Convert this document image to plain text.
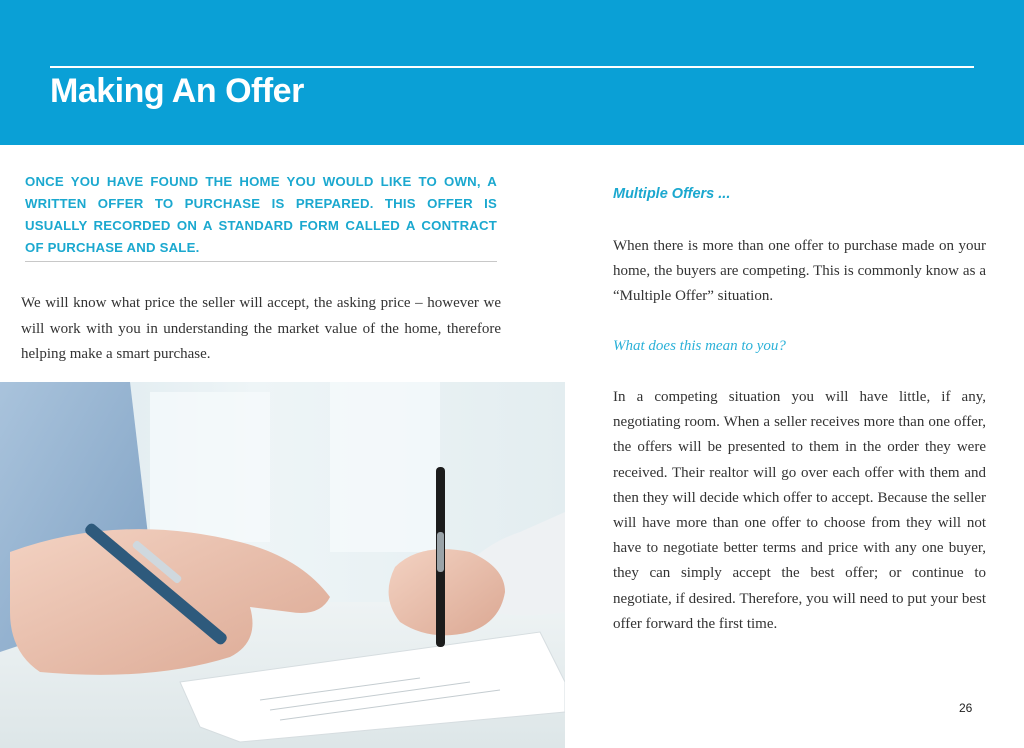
Making An Offer
ONCE YOU HAVE FOUND THE HOME YOU WOULD LIKE TO OWN, A WRITTEN OFFER TO PURCHASE IS PREPARED. THIS OFFER IS USUALLY RECORDED ON A STANDARD FORM CALLED A CONTRACT OF PURCHASE AND SALE.

We will know what price the seller will accept, the asking price – however we will work with you in understanding the market value of the home, therefore helping make a smart purchase.

Multiple Offers ...

When there is more than one offer to purchase made on your home, the buyers are competing. This is commonly know as a “Multiple Offer” situation.

What does this mean to you?

In a competing situation you will have little, if any, negotiating room. When a seller receives more than one offer, the offers will be presented to them in the order they were received. Their realtor will go over each offer with them and then they will decide which offer to accept. Because the seller will have more than one offer to choose from they will not have to negotiate better terms and price with any one buyer, they can simply accept the best offer; or continue to negotiate, if desired. Therefore, you will need to put your best offer forward the first time.

26
